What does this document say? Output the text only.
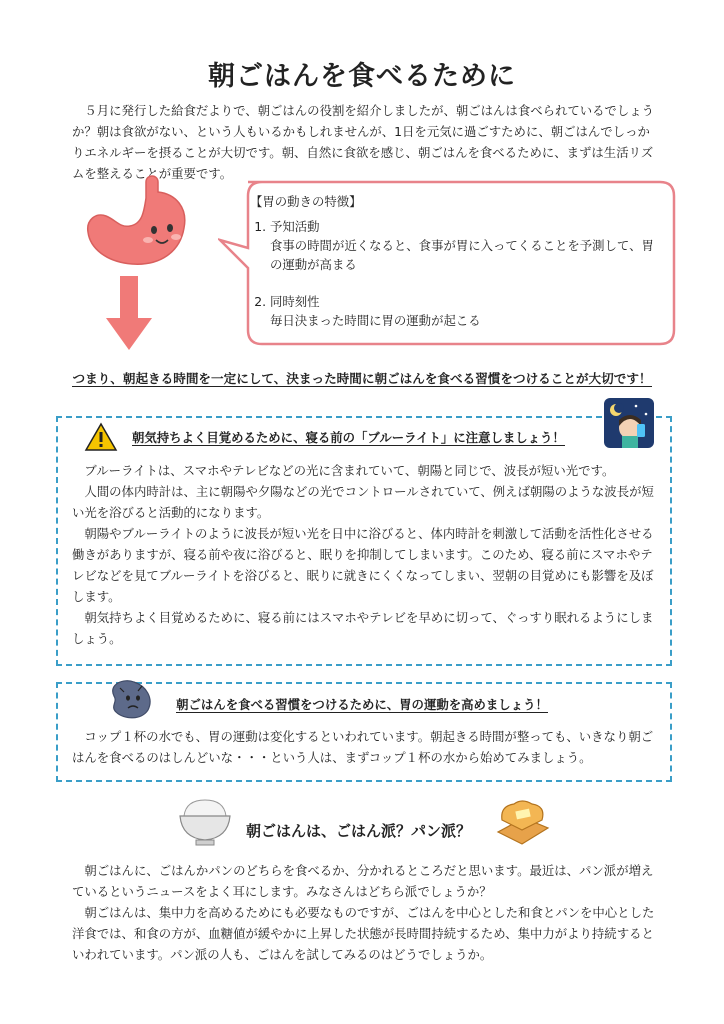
朝ごはんを食べるために

５月に発行した給食だよりで、朝ごはんの役割を紹介しましたが、朝ごはんは食べられているでしょうか？朝は食欲がない、という人もいるかもしれませんが、1日を元気に過ごすために、朝ごはんでしっかりエネルギーを摂ることが大切です。朝、自然に食欲を感じ、朝ごはんを食べるために、まずは生活リズムを整えることが重要です。

【胃の動きの特徴】

1. 予知活動
食事の時間が近くなると、食事が胃に入ってくることを予測して、胃の運動が高まる
2. 同時刻性
毎日決まった時間に胃の運動が起こる
つまり、朝起きる時間を一定にして、決まった時間に朝ごはんを食べる習慣をつけることが大切です！
朝気持ちよく目覚めるために、寝る前の「ブルーライト」に注意しましょう！

ブルーライトは、スマホやテレビなどの光に含まれていて、朝陽と同じで、波長が短い光です。

人間の体内時計は、主に朝陽や夕陽などの光でコントロールされていて、例えば朝陽のような波長が短い光を浴びると活動的になります。

朝陽やブルーライトのように波長が短い光を日中に浴びると、体内時計を刺激して活動を活性化させる働きがありますが、寝る前や夜に浴びると、眠りを抑制してしまいます。このため、寝る前にスマホやテレビなどを見てブルーライトを浴びると、眠りに就きにくくなってしまい、翌朝の目覚めにも影響を及ぼします。

朝気持ちよく目覚めるために、寝る前にはスマホやテレビを早めに切って、ぐっすり眠れるようにしましょう。

朝ごはんを食べる習慣をつけるために、胃の運動を高めましょう！

コップ１杯の水でも、胃の運動は変化するといわれています。朝起きる時間が整っても、いきなり朝ごはんを食べるのはしんどいな・・・という人は、まずコップ１杯の水から始めてみましょう。

朝ごはんは、ごはん派？パン派？

朝ごはんに、ごはんかパンのどちらを食べるか、分かれるところだと思います。最近は、パン派が増えているというニュースをよく耳にします。みなさんはどちら派でしょうか？

朝ごはんは、集中力を高めるためにも必要なものですが、ごはんを中心とした和食とパンを中心とした洋食では、和食の方が、血糖値が緩やかに上昇した状態が長時間持続するため、集中力がより持続するといわれています。パン派の人も、ごはんを試してみるのはどうでしょうか。
